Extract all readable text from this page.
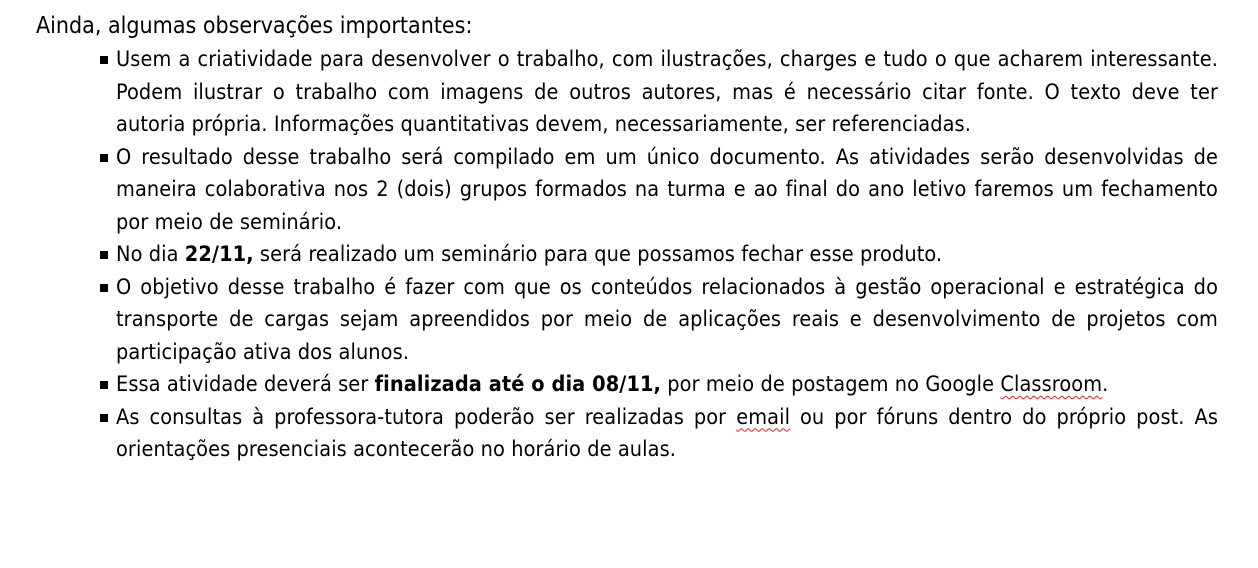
Ainda, algumas observações importantes:
Usem a criatividade para desenvolver o trabalho, com ilustrações, charges e tudo o que acharem interessante. Podem ilustrar o trabalho com imagens de outros autores, mas é necessário citar fonte. O texto deve ter autoria própria. Informações quantitativas devem, necessariamente, ser referenciadas.
O resultado desse trabalho será compilado em um único documento. As atividades serão desenvolvidas de maneira colaborativa nos 2 (dois) grupos formados na turma e ao final do ano letivo faremos um fechamento por meio de seminário.
No dia 22/11, será realizado um seminário para que possamos fechar esse produto.
O objetivo desse trabalho é fazer com que os conteúdos relacionados à gestão operacional e estratégica do transporte de cargas sejam apreendidos por meio de aplicações reais e desenvolvimento de projetos com participação ativa dos alunos.
Essa atividade deverá ser finalizada até o dia 08/11, por meio de postagem no Google Classroom.
As consultas à professora-tutora poderão ser realizadas por email ou por fóruns dentro do próprio post. As orientações presenciais acontecerão no horário de aulas.
